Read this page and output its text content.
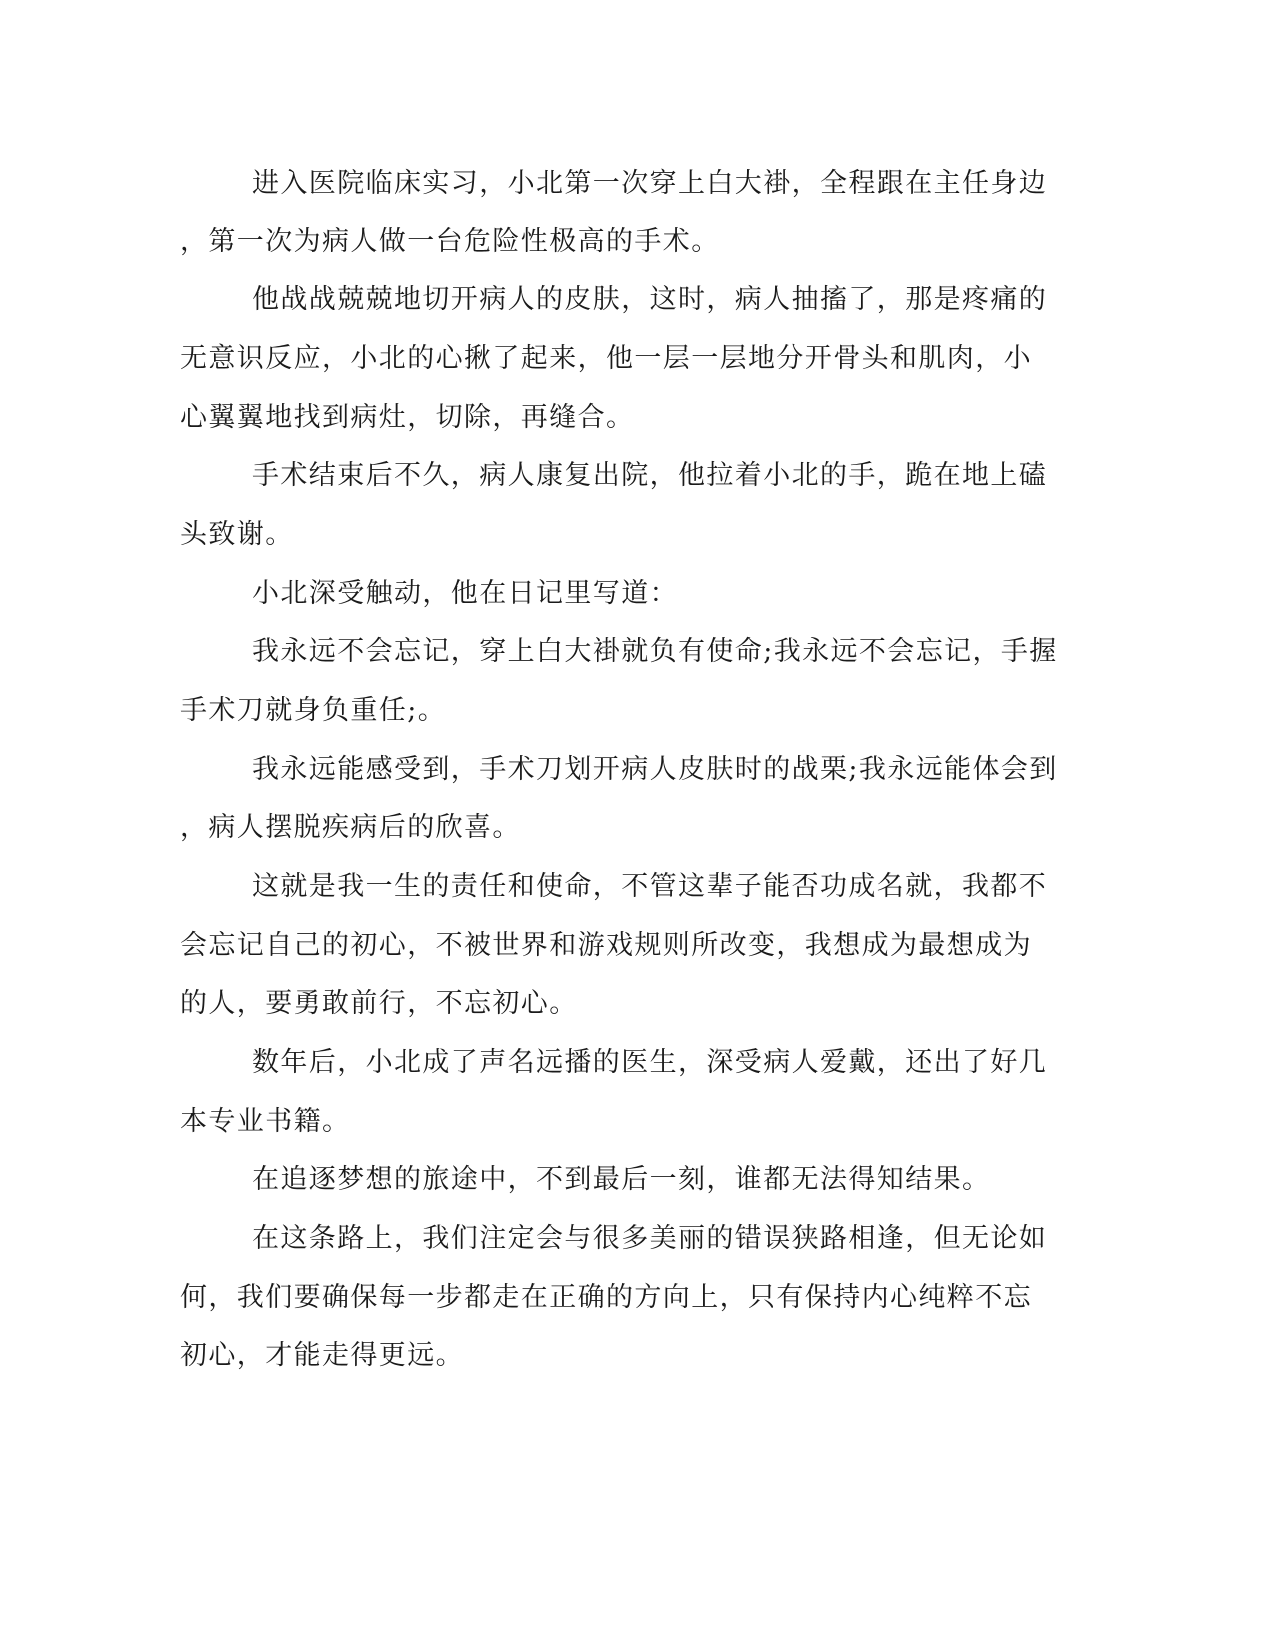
进入医院临床实习，小北第一次穿上白大褂，全程跟在主任身边

，第一次为病人做一台危险性极高的手术。

他战战兢兢地切开病人的皮肤，这时，病人抽搐了，那是疼痛的

无意识反应，小北的心揪了起来，他一层一层地分开骨头和肌肉，小

心翼翼地找到病灶，切除，再缝合。

手术结束后不久，病人康复出院，他拉着小北的手，跪在地上磕

头致谢。

小北深受触动，他在日记里写道：

我永远不会忘记，穿上白大褂就负有使命;我永远不会忘记，手握

手术刀就身负重任;。

我永远能感受到，手术刀划开病人皮肤时的战栗;我永远能体会到

，病人摆脱疾病后的欣喜。

这就是我一生的责任和使命，不管这辈子能否功成名就，我都不

会忘记自己的初心，不被世界和游戏规则所改变，我想成为最想成为

的人，要勇敢前行，不忘初心。

数年后，小北成了声名远播的医生，深受病人爱戴，还出了好几

本专业书籍。

在追逐梦想的旅途中，不到最后一刻，谁都无法得知结果。

在这条路上，我们注定会与很多美丽的错误狭路相逢，但无论如

何，我们要确保每一步都走在正确的方向上，只有保持内心纯粹不忘

初心，才能走得更远。
